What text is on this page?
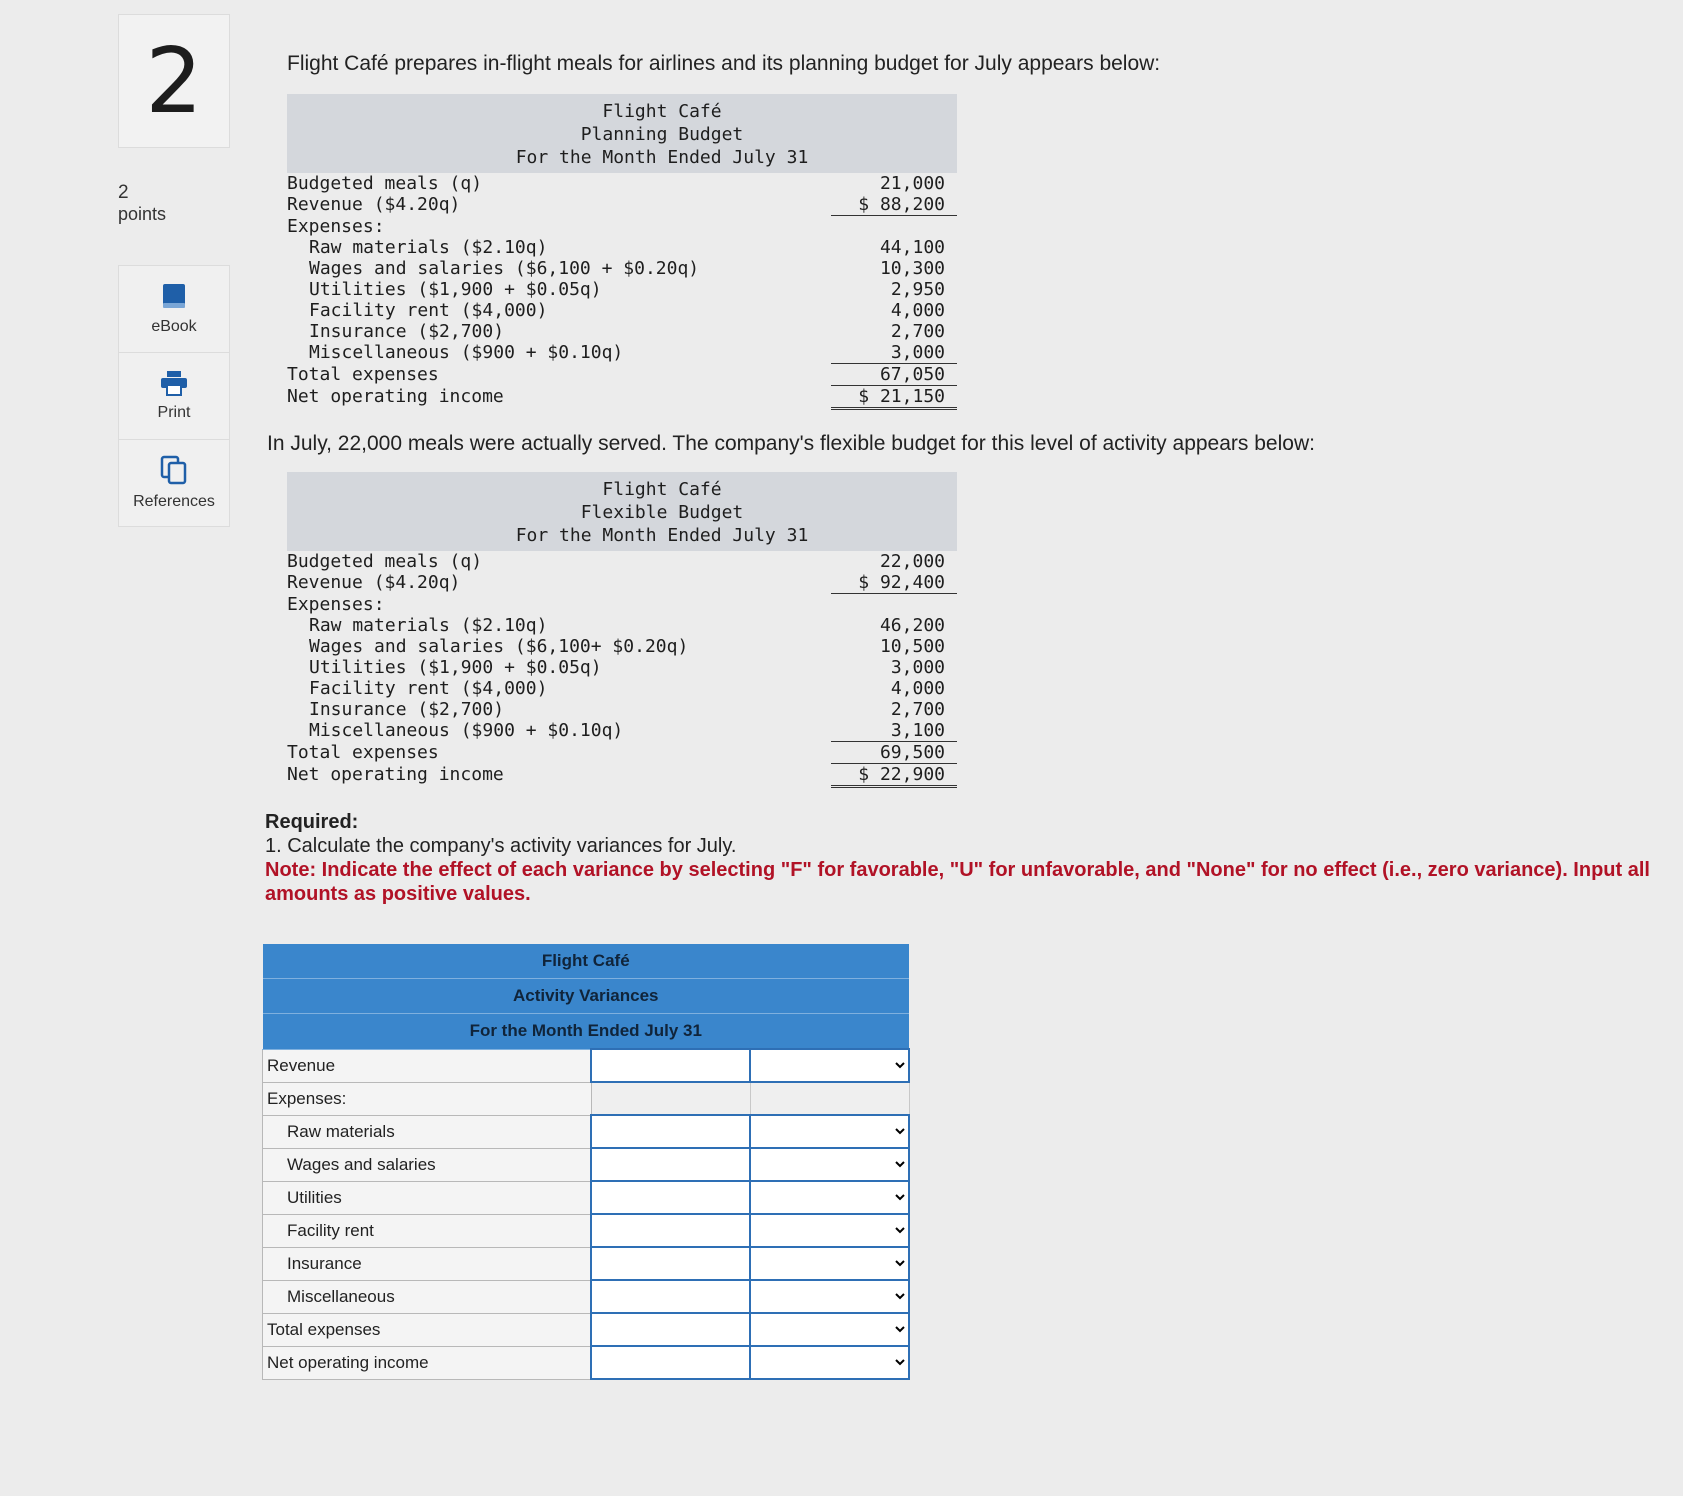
2
2
points
eBook
Print
References

Flight Café prepares in-flight meals for airlines and its planning budget for July appears below:

Flight Café
Planning Budget
For the Month Ended July 31
Budgeted meals (q)	21,000
Revenue ($4.20q)	$ 88,200
Expenses:
Raw materials ($2.10q)	44,100
Wages and salaries ($6,100 + $0.20q)	10,300
Utilities ($1,900 + $0.05q)	2,950
Facility rent ($4,000)	4,000
Insurance ($2,700)	2,700
Miscellaneous ($900 + $0.10q)	3,000
Total expenses	67,050
Net operating income	$ 21,150

In July, 22,000 meals were actually served. The company's flexible budget for this level of activity appears below:

Flight Café
Flexible Budget
For the Month Ended July 31
Budgeted meals (q)	22,000
Revenue ($4.20q)	$ 92,400
Expenses:
Raw materials ($2.10q)	46,200
Wages and salaries ($6,100+ $0.20q)	10,500
Utilities ($1,900 + $0.05q)	3,000
Facility rent ($4,000)	4,000
Insurance ($2,700)	2,700
Miscellaneous ($900 + $0.10q)	3,100
Total expenses	69,500
Net operating income	$ 22,900
Required:
1. Calculate the company's activity variances for July.
Note: Indicate the effect of each variance by selecting "F" for favorable, "U" for unfavorable, and "None" for no effect (i.e., zero variance). Input all amounts as positive values.
Flight Café		
Activity Variances		
For the Month Ended July 31		
Revenue		

Expenses:		
Raw materials		

Wages and salaries		

Utilities		

Facility rent		

Insurance		

Miscellaneous		

Total expenses		

Net operating income		
